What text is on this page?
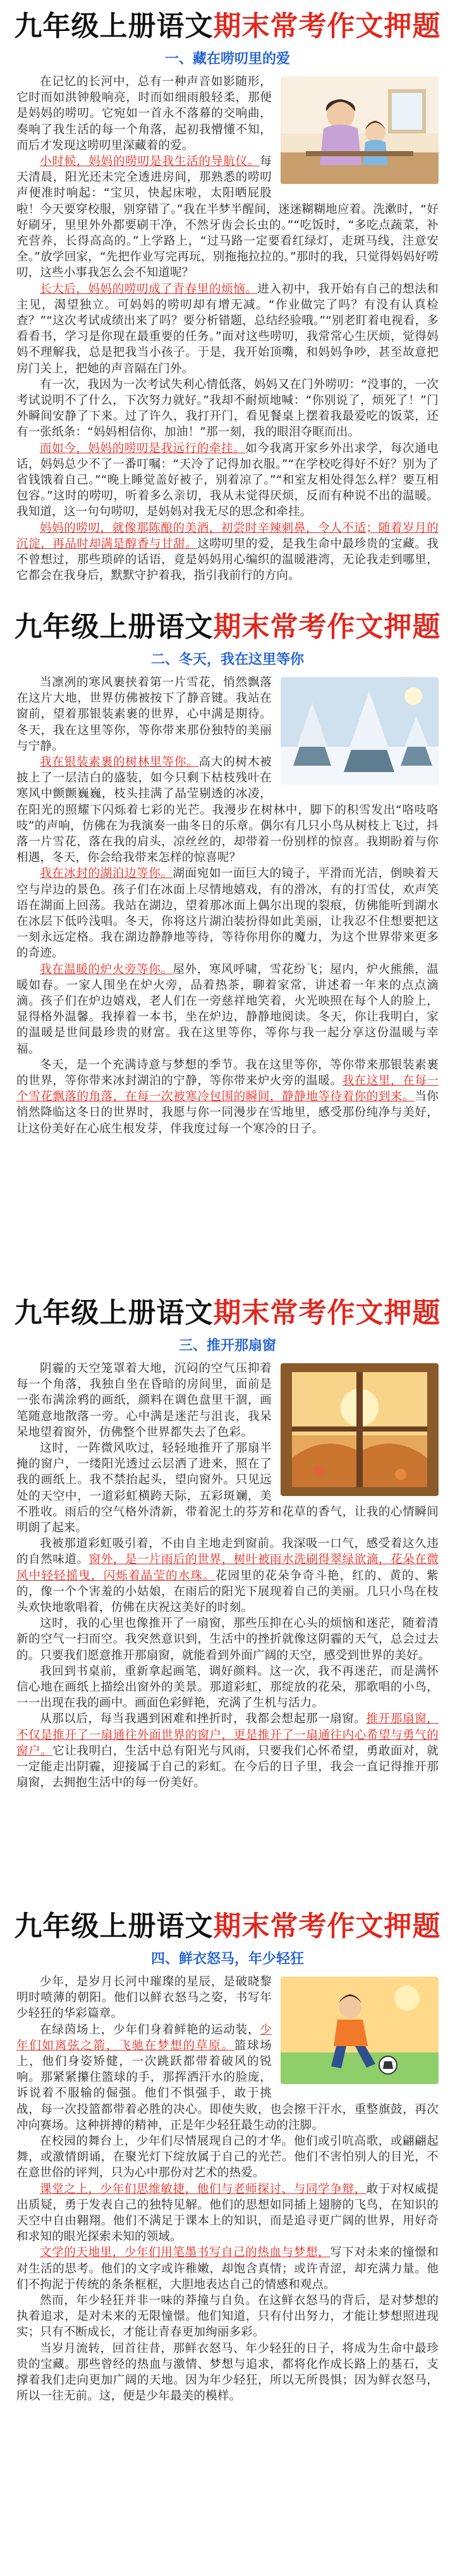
九年级上册语文期末常考作文押题
一、藏在唠叨里的爱

在记忆的长河中，总有一种声音如影随形，它时而如洪钟般响亮，时而如细雨般轻柔，那便是妈妈的唠叨。它宛如一首永不落幕的交响曲，奏响了我生活的每一个角落，起初我懵懂不知，而后才发现这唠叨里深藏着的爱。

小时候，妈妈的唠叨是我生活的导航仪。每天清晨，阳光还未完全透进房间，那熟悉的唠叨声便准时响起：“宝贝，快起床啦，太阳晒屁股啦！今天要穿校服，别穿错了。”我在半梦半醒间，迷迷糊糊地应着。洗漱时，“好好刷牙，里里外外都要刷干净，不然牙齿会长虫的。”“吃饭时，“多吃点蔬菜，补充营养，长得高高的。”上学路上，“过马路一定要看红绿灯，走斑马线，注意安全。”放学回家，“先把作业写完再玩，别拖拖拉拉的。”那时的我，只觉得妈妈好唠叨，这些小事我怎么会不知道呢？

长大后，妈妈的唠叨成了青春里的烦恼。进入初中，我开始有自己的想法和主见，渴望独立。可妈妈的唠叨却有增无减。“作业做完了吗？有没有认真检查？”“这次考试成绩出来了吗？要分析错题，总结经验哦。”“别老盯着电视看，多看看书，学习是你现在最重要的任务。”面对这些唠叨，我常常心生厌烦，觉得妈妈不理解我，总是把我当小孩子。于是，我开始顶嘴，和妈妈争吵，甚至故意把房门关上，把她的声音隔在门外。

有一次，我因为一次考试失利心情低落，妈妈又在门外唠叨：“没事的，一次考试说明不了什么，下次努力就好。”我却不耐烦地喊：“你别说了，烦死了！”门外瞬间安静了下来。过了许久，我打开门，看见餐桌上摆着我最爱吃的饭菜，还有一张纸条：“妈妈相信你，加油！”那一刻，我的眼泪夺眶而出。

而如今，妈妈的唠叨是我远行的牵挂。如今我离开家乡外出求学，每次通电话，妈妈总少不了一番叮嘱：“天冷了记得加衣服。”“在学校吃得好不好？别为了省钱饿着自己。”“晚上睡觉盖好被子，别着凉了。”“和室友相处得怎么样？要互相包容。”这时的唠叨，听着多么亲切，我从未觉得厌烦，反而有种说不出的温暖。我知道，这一句句唠叨，是妈妈对我无尽的思念和牵挂。

妈妈的唠叨，就像那陈酿的美酒，初尝时辛辣刺鼻，令人不适；随着岁月的沉淀，再品时却满是醇香与甘甜。这唠叨里的爱，是我生命中最珍贵的宝藏。我不曾想过，那些琐碎的话语，竟是妈妈用心编织的温暖港湾，无论我走到哪里，它都会在我身后，默默守护着我，指引我前行的方向。

九年级上册语文期末常考作文押题
二、冬天，我在这里等你

当凛冽的寒风裹挟着第一片雪花，悄然飘落在这片大地，世界仿佛被按下了静音键。我站在窗前，望着那银装素裹的世界，心中满是期待。冬天，我在这里等你，等你带来那份独特的美丽与宁静。

我在银装素裹的树林里等你。高大的树木被披上了一层洁白的盛装，如今只剩下枯枝残叶在寒风中颤颤巍巍，枝头挂满了晶莹剔透的冰凌，在阳光的照耀下闪烁着七彩的光芒。我漫步在树林中，脚下的积雪发出“咯吱咯吱”的声响，仿佛在为我演奏一曲冬日的乐章。偶尔有几只小鸟从树枝上飞过，抖落一片雪花，落在我的肩头，凉丝丝的，却带着一份别样的惊喜。我期盼着与你相遇，冬天，你会给我带来怎样的惊喜呢？

我在冰封的湖泊边等你。湖面宛如一面巨大的镜子，平滑而光洁，倒映着天空与岸边的景色。孩子们在冰面上尽情地嬉戏，有的滑冰，有的打雪仗，欢声笑语在湖面上回荡。我站在湖边，望着那冰面上偶尔出现的裂痕，仿佛能听到湖水在冰层下低吟浅唱。冬天，你将这片湖泊装扮得如此美丽，让我忍不住想要把这一刻永远定格。我在湖边静静地等待，等待你用你的魔力，为这个世界带来更多的奇迹。

我在温暖的炉火旁等你。屋外，寒风呼啸，雪花纷飞；屋内，炉火熊熊，温暖如春。一家人围坐在炉火旁，品着热茶，聊着家常，讲述着一年来的点点滴滴。孩子们在炉边嬉戏，老人们在一旁慈祥地笑着，火光映照在每个人的脸上，显得格外温馨。我捧着一本书，坐在炉边，静静地阅读。冬天，你让我明白，家的温暖是世间最珍贵的财富。我在这里等你，等你与我一起分享这份温暖与幸福。

冬天，是一个充满诗意与梦想的季节。我在这里等你，等你带来那银装素裹的世界，等你带来冰封湖泊的宁静，等你带来炉火旁的温暖。我在这里，在每一个雪花飘落的角落，在每一次被寒冷包围的瞬间，静静地等待着你的到来。当你悄然降临这冬日的世界时，我愿与你一同漫步在雪地里，感受那份纯净与美好，让这份美好在心底生根发芽，伴我度过每一个寒冷的日子。

九年级上册语文期末常考作文押题
三、推开那扇窗

阴霾的天空笼罩着大地，沉闷的空气压抑着每一个角落，我独自坐在昏暗的房间里，面前是一张布满涂鸦的画纸，颜料在调色盘里干涸，画笔随意地散落一旁。心中满是迷茫与沮丧，我呆呆地望着窗外，仿佛整个世界都失去了色彩。

这时，一阵微风吹过，轻轻地推开了那扇半掩的窗户，一缕阳光透过云层洒了进来，照在了我的画纸上。我不禁抬起头，望向窗外。只见远处的天空中，一道彩虹横跨天际，五彩斑斓，美不胜收。雨后的空气格外清新，带着泥土的芬芳和花草的香气，让我的心情瞬间明朗了起来。

我被那道彩虹吸引着，不由自主地走到窗前。我深吸一口气，感受着这久违的自然味道。窗外，是一片雨后的世界，树叶被雨水洗刷得翠绿欲滴，花朵在微风中轻轻摇曳，闪烁着晶莹的水珠。花园里的花朵争奇斗艳，红的、黄的、紫的，像一个个害羞的小姑娘，在雨后的阳光下展现着自己的美丽。几只小鸟在枝头欢快地歌唱着，仿佛在庆祝这美好的时刻。

这时，我的心里也像推开了一扇窗，那些压抑在心头的烦恼和迷茫，随着清新的空气一扫而空。我突然意识到，生活中的挫折就像这阴霾的天气，总会过去的。只要我们愿意推开那扇窗，就能看到外面广阔的天空，感受到世界的美好。

我回到书桌前，重新拿起画笔，调好颜料。这一次，我不再迷茫，而是满怀信心地在画纸上描绘出窗外的美景。那道彩虹，那绽放的花朵，那歌唱的小鸟，一一出现在我的画中。画面色彩鲜艳，充满了生机与活力。

从那以后，每当我遇到困难和挫折时，我都会想起那一扇窗。推开那扇窗，不仅是推开了一扇通往外面世界的窗户，更是推开了一扇通往内心希望与勇气的窗户。它让我明白，生活中总有阳光与风雨，只要我们心怀希望，勇敢面对，就一定能走出阴霾，迎接属于自己的彩虹。在今后的日子里，我会一直记得推开那扇窗，去拥抱生活中的每一份美好。

九年级上册语文期末常考作文押题
四、鲜衣怒马，年少轻狂

少年，是岁月长河中璀璨的星辰，是破晓黎明时喷薄的朝阳。他们以鲜衣怒马之姿，书写年少轻狂的华彩篇章。

在绿茵场上，少年们身着鲜艳的运动装，少年们如离弦之箭，飞驰在梦想的草原。篮球场上，他们身姿矫健，一次跳跃都带着破风的锐响。那紧紧攥住篮球的手，那挥洒汗水的脸庞，诉说着不服输的倔强。他们不惧强手，敢于挑战，每一次投篮都带着必胜的决心。即使失败，也会擦干汗水，重整旗鼓，再次冲向赛场。这种拼搏的精神，正是年少轻狂最生动的注脚。

在校园的舞台上，少年们尽情展现自己的才华。他们或引吭高歌，或翩翩起舞，或激情朗诵，在聚光灯下绽放属于自己的光芒。他们不害怕别人的目光，不在意世俗的评判，只为心中那份对艺术的热爱。

课堂之上，少年们思维敏捷，他们与老师探讨、与同学争辩，敢于对权威提出质疑，勇于发表自己的独特见解。他们的思想如同插上翅膀的飞鸟，在知识的天空中自由翱翔。他们不满足于课本上的知识，而是追寻更广阔的世界，用好奇和求知的眼光探索未知的领域。

文学的天地里，少年们用笔墨书写自己的热血与梦想，写下对未来的憧憬和对生活的思考。他们的文字或许稚嫩，却饱含真情；或许青涩，却充满力量。他们不拘泥于传统的条条框框，大胆地表达自己的情感和观点。

然而，年少轻狂并非一味的莽撞与自负。在这鲜衣怒马的背后，是对梦想的执着追求，是对未来的无限憧憬。他们知道，只有付出努力，才能让梦想照进现实；只有不断成长，才能让青春更加绚丽多彩。

当岁月流转，回首往昔，那鲜衣怒马、年少轻狂的日子，将成为生命中最珍贵的宝藏。那些曾经的热血与激情、梦想与追求，都将化作成长路上的基石，支撑着我们走向更加广阔的天地。因为年少轻狂，所以无所畏惧；因为鲜衣怒马，所以一往无前。这，便是少年最美的模样。
